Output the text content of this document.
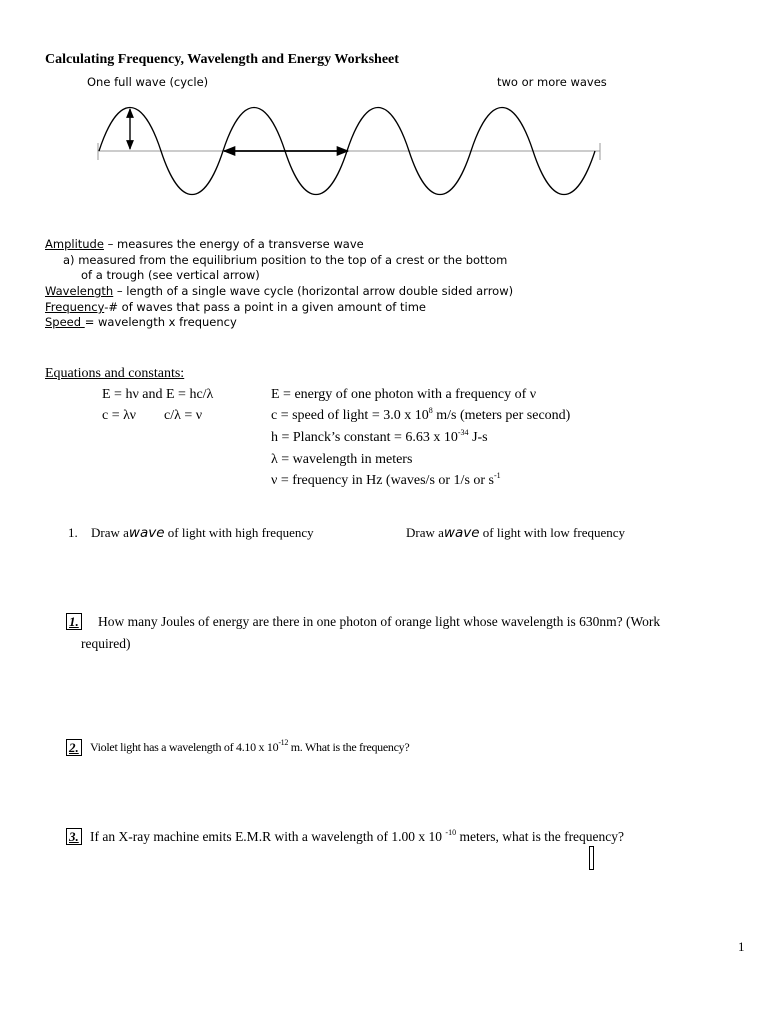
Calculating Frequency, Wavelength and Energy Worksheet
One full wave (cycle)	two or more waves
Amplitude – measures the energy of a transverse wave
a) measured from the equilibrium position to the top of a crest or the bottom
of a trough (see vertical arrow)
Wavelength – length of a single wave cycle (horizontal arrow double sided arrow)
Frequency-# of waves that pass a point in a given amount of time
Speed = wavelength x frequency
Equations and constants:
E = hν and E = hc/λ
c = λν c/λ = ν
E = energy of one photon with a frequency of ν
c = speed of light = 3.0 x $10^8$ m/s (meters per second)
h = Planck’s constant = 6.63 x $10^{-34}$ J-s
λ = wavelength in meters
ν = frequency in Hz (waves/s or 1/s or $s^{-1}$
1. Draw awave of light with high frequency	Draw awave of light with low frequency
1. How many Joules of energy are there in one photon of orange light whose wavelength is 630nm? (Work
required)
2. Violet light has a wavelength of 4.10 x $10^{-12}$ m. What is the frequency?
3. If an X-ray machine emits E.M.R with a wavelength of 1.00 x 10 $^{-10}$ meters, what is the frequency?
1
